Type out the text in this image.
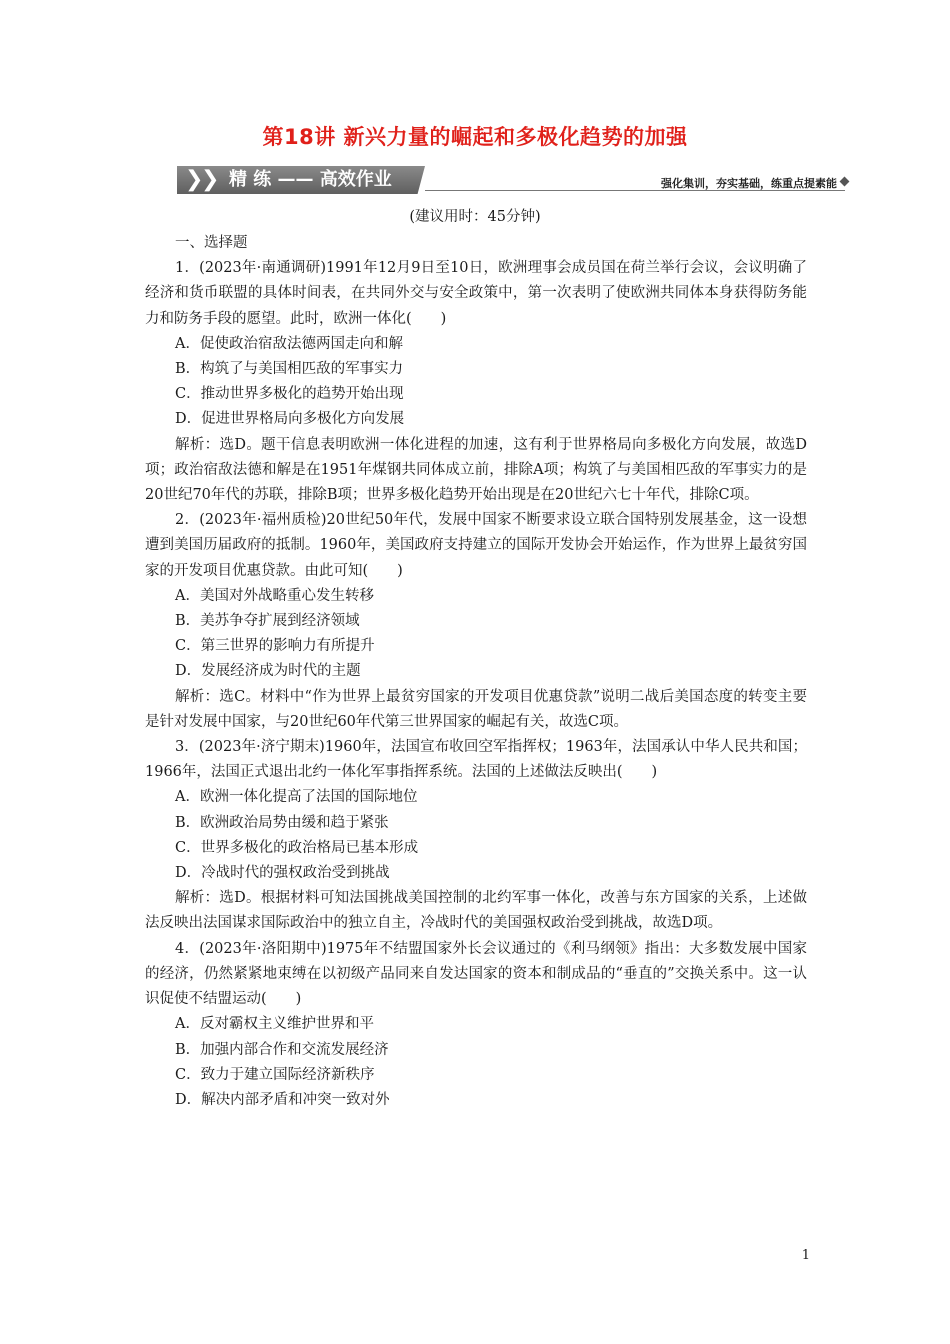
第18讲 新兴力量的崛起和多极化趋势的加强
❯
❯ 精 练 —— 高效作业	强化集训，夯实基础，练重点提素能
(建议用时：45分钟)

一、选择题

1．(2023年·南通调研)1991年12月9日至10日，欧洲理事会成员国在荷兰举行会议，会议明确了经济和货币联盟的具体时间表，在共同外交与安全政策中，第一次表明了使欧洲共同体本身获得防务能力和防务手段的愿望。此时，欧洲一体化(　　)

A．促使政治宿敌法德两国走向和解

B．构筑了与美国相匹敌的军事实力

C．推动世界多极化的趋势开始出现

D．促进世界格局向多极化方向发展

解析：选D。题干信息表明欧洲一体化进程的加速，这有利于世界格局向多极化方向发展，故选D项；政治宿敌法德和解是在1951年煤钢共同体成立前，排除A项；构筑了与美国相匹敌的军事实力的是20世纪70年代的苏联，排除B项；世界多极化趋势开始出现是在20世纪六七十年代，排除C项。

2．(2023年·福州质检)20世纪50年代，发展中国家不断要求设立联合国特别发展基金，这一设想遭到美国历届政府的抵制。1960年，美国政府支持建立的国际开发协会开始运作，作为世界上最贫穷国家的开发项目优惠贷款。由此可知(　　)

A．美国对外战略重心发生转移

B．美苏争夺扩展到经济领域

C．第三世界的影响力有所提升

D．发展经济成为时代的主题

解析：选C。材料中“作为世界上最贫穷国家的开发项目优惠贷款”说明二战后美国态度的转变主要是针对发展中国家，与20世纪60年代第三世界国家的崛起有关，故选C项。

3．(2023年·济宁期末)1960年，法国宣布收回空军指挥权；1963年，法国承认中华人民共和国；1966年，法国正式退出北约一体化军事指挥系统。法国的上述做法反映出(　　)

A．欧洲一体化提高了法国的国际地位

B．欧洲政治局势由缓和趋于紧张

C．世界多极化的政治格局已基本形成

D．冷战时代的强权政治受到挑战

解析：选D。根据材料可知法国挑战美国控制的北约军事一体化，改善与东方国家的关系，上述做法反映出法国谋求国际政治中的独立自主，冷战时代的美国强权政治受到挑战，故选D项。

4．(2023年·洛阳期中)1975年不结盟国家外长会议通过的《利马纲领》指出：大多数发展中国家的经济，仍然紧紧地束缚在以初级产品同来自发达国家的资本和制成品的“垂直的”交换关系中。这一认识促使不结盟运动(　　)

A．反对霸权主义维护世界和平

B．加强内部合作和交流发展经济

C．致力于建立国际经济新秩序

D．解决内部矛盾和冲突一致对外

1
